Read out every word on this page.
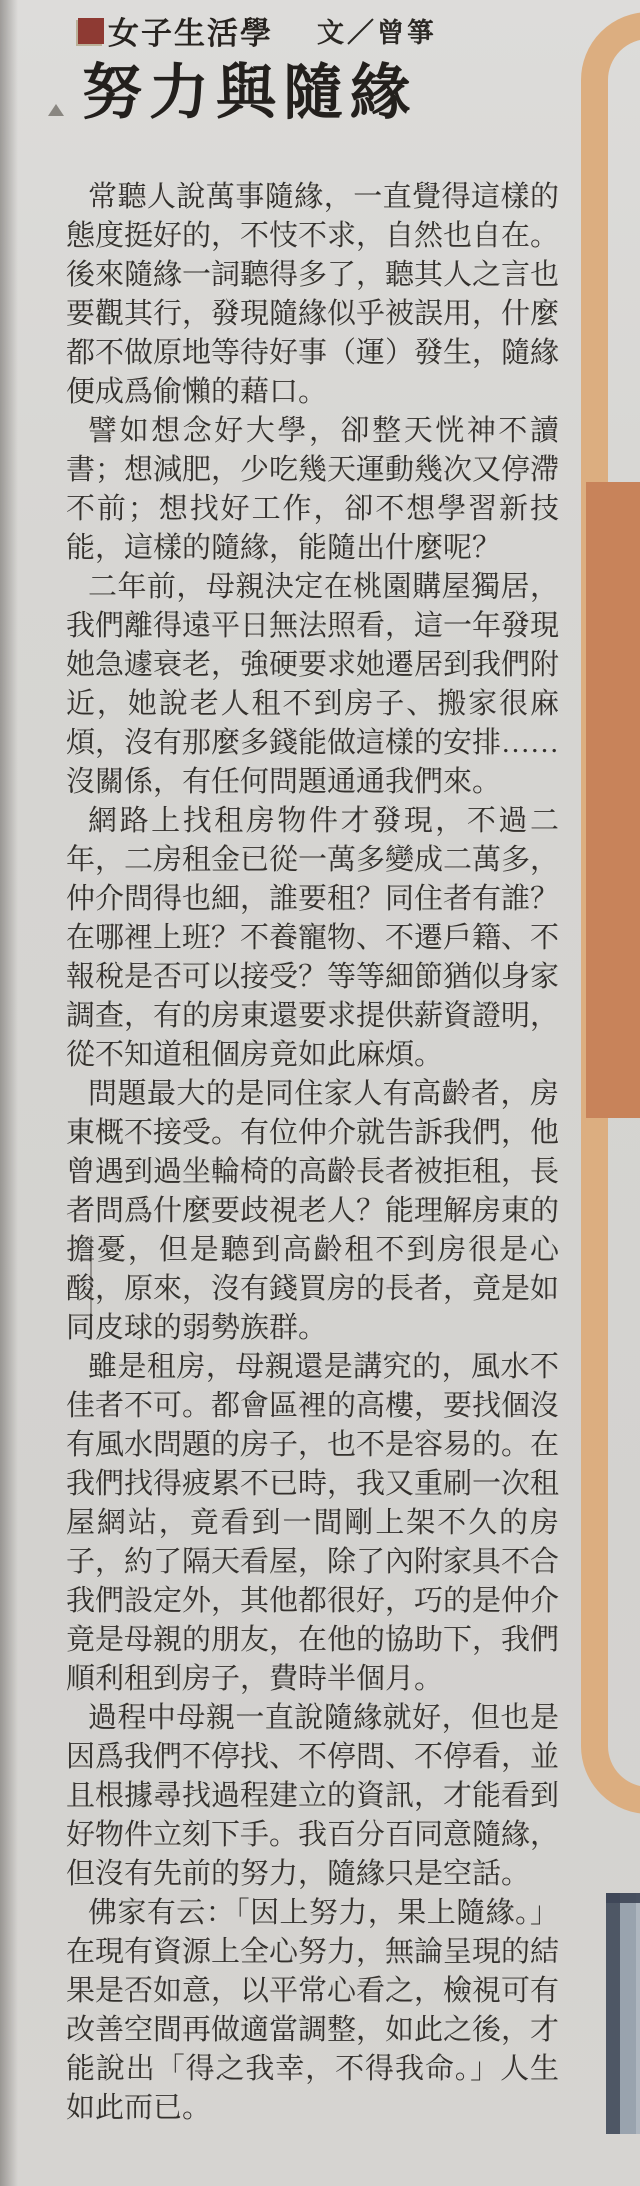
女子生活學 文／曾箏
努力與隨緣

常聽人說萬事隨緣，一直覺得這樣的態度挺好的，不忮不求，自然也自在。後來隨緣一詞聽得多了，聽其人之言也要觀其行，發現隨緣似乎被誤用，什麼都不做原地等待好事（運）發生，隨緣便成爲偷懶的藉口。

譬如想念好大學，卻整天恍神不讀書；想減肥，少吃幾天運動幾次又停滯不前；想找好工作，卻不想學習新技能，這樣的隨緣，能隨出什麼呢？

二年前，母親決定在桃園購屋獨居，我們離得遠平日無法照看，這一年發現她急遽衰老，強硬要求她遷居到我們附近，她說老人租不到房子、搬家很麻煩，沒有那麼多錢能做這樣的安排……沒關係，有任何問題通通我們來。

網路上找租房物件才發現，不過二年，二房租金已從一萬多變成二萬多，仲介問得也細，誰要租？同住者有誰？在哪裡上班？不養寵物、不遷戶籍、不報稅是否可以接受？等等細節猶似身家調查，有的房東還要求提供薪資證明，從不知道租個房竟如此麻煩。

問題最大的是同住家人有高齡者，房東概不接受。有位仲介就告訴我們，他曾遇到過坐輪椅的高齡長者被拒租，長者問爲什麼要歧視老人？能理解房東的擔憂，但是聽到高齡租不到房很是心酸，原來，沒有錢買房的長者，竟是如同皮球的弱勢族群。

雖是租房，母親還是講究的，風水不佳者不可。都會區裡的高樓，要找個沒有風水問題的房子，也不是容易的。在我們找得疲累不已時，我又重刷一次租屋網站，竟看到一間剛上架不久的房子，約了隔天看屋，除了內附家具不合我們設定外，其他都很好，巧的是仲介竟是母親的朋友，在他的協助下，我們順利租到房子，費時半個月。

過程中母親一直說隨緣就好，但也是因爲我們不停找、不停問、不停看，並且根據尋找過程建立的資訊，才能看到好物件立刻下手。我百分百同意隨緣，但沒有先前的努力，隨緣只是空話。

佛家有云：「因上努力，果上隨緣。」在現有資源上全心努力，無論呈現的結果是否如意，以平常心看之，檢視可有改善空間再做適當調整，如此之後，才能說出「得之我幸，不得我命。」人生如此而已。
